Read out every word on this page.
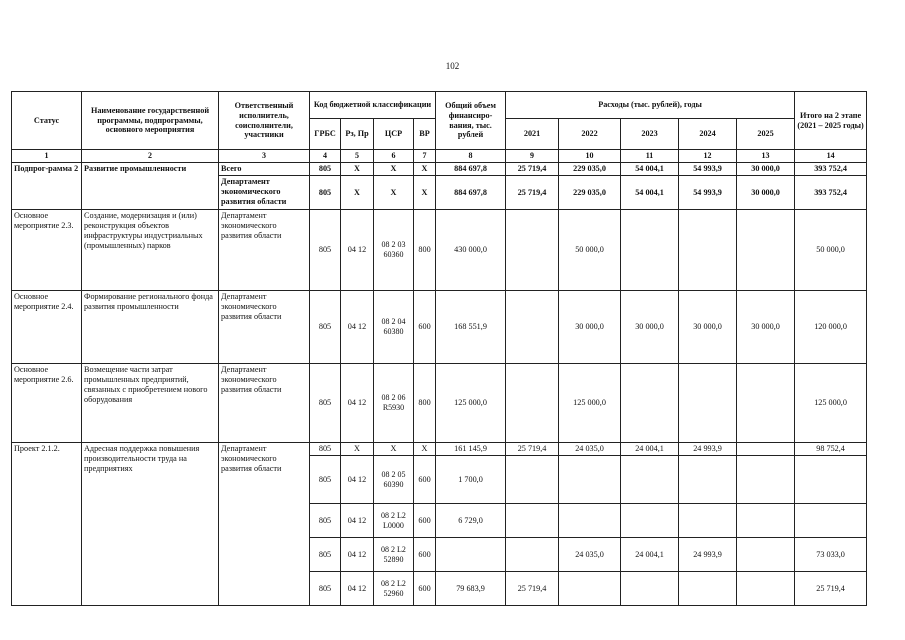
102
Статус	Наименование государственной программы, подпрограммы, основного мероприятия	Ответственный исполнитель, соисполнители, участники	Код бюджетной классификации				Общий объем финансиро-вания, тыс. рублей	Расходы (тыс. рублей), годы					Итого на 2 этапе (2021 – 2025 годы)
			ГРБС	Рз, Пр	ЦСР	ВР		2021	2022	2023	2024	2025	
1	2	3	4	5	6	7	8	9	10	11	12	13	14
Подпрог-рамма 2	Развитие промышленности	Всего	805	X	X	X	884 697,8	25 719,4	229 035,0	54 004,1	54 993,9	30 000,0	393 752,4
		Департамент экономического развития области	805	X	X	X	884 697,8	25 719,4	229 035,0	54 004,1	54 993,9	30 000,0	393 752,4
Основное мероприятие 2.3.	Создание, модернизация и (или) реконструкция объектов инфраструктуры индустриальных (промышленных) парков	Департамент экономического развития области	805	04 12	08 2 03 60360	800	430 000,0		50 000,0				50 000,0
Основное мероприятие 2.4.	Формирование регионального фонда развития промышленности	Департамент экономического развития области	805	04 12	08 2 04 60380	600	168 551,9		30 000,0	30 000,0	30 000,0	30 000,0	120 000,0
Основное мероприятие 2.6.	Возмещение части затрат промышленных предприятий, связанных с приобретением нового оборудования	Департамент экономического развития области	805	04 12	08 2 06 R5930	800	125 000,0		125 000,0				125 000,0
Проект 2.1.2.	Адресная поддержка повышения производительности труда на предприятиях	Департамент экономического развития области	805	X	X	X	161 145,9	25 719,4	24 035,0	24 004,1	24 993,9		98 752,4
			805	04 12	08 2 05 60390	600	1 700,0						
			805	04 12	08 2 L2 L0000	600	6 729,0						
			805	04 12	08 2 L2 52890	600			24 035,0	24 004,1	24 993,9		73 033,0
			805	04 12	08 2 L2 52960	600	79 683,9	25 719,4					25 719,4
